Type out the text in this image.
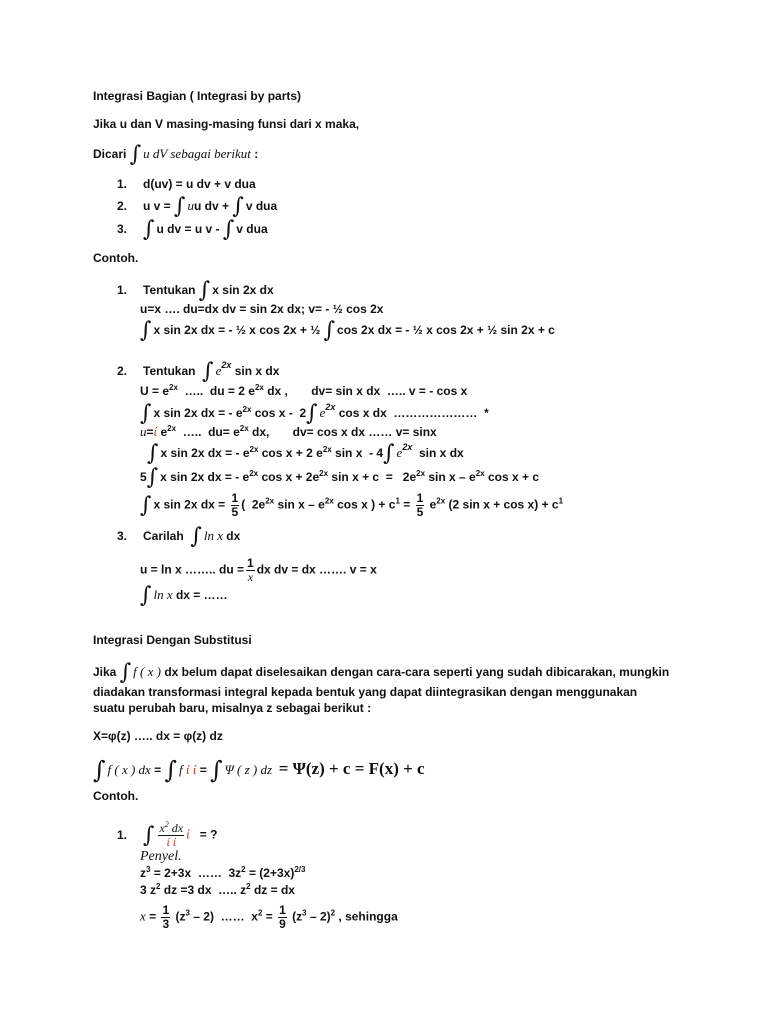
Integrasi Bagian ( Integrasi by parts)
Jika u dan V masing-masing funsi dari x maka,
Dicari ∫ u dV sebagai berikut :
1. d(uv) = u dv + v dua
2. u v = ∫ uu dv + ∫ v dua
3. ∫ u dv = u v - ∫ v dua
Contoh.
1. Tentukan ∫ x sin 2x dx
u=x …. du=dx dv = sin 2x dx; v= - ½ cos 2x
∫ x sin 2x dx = - ½ x cos 2x + ½ ∫ cos 2x dx = - ½ x cos 2x + ½ sin 2x + c
2. Tentukan ∫ $e^{2x}$ sin x dx
$U = e^{2x}$  …..  du = 2 $e^{2x}$ dx ,       dv= sin x dx  ….. v = - cos x
∫ x sin 2x dx = - $e^{2x}$ cos x -  2∫ $e^{2x}$ cos x dx  …………………  *
u=ί $e^{2x}$  …..  $du= e^{2x}$ dx,       dv= cos x dx …… v= sinx
∫ x sin 2x dx = - $e^{2x}$ cos x + 2 $e^{2x}$ sin x  - 4∫ $e^{2x}$  sin x dx
5∫ x sin 2x dx = - $e^{2x}$ $\cos x + 2e^{2x}$ $\sin x + c = 2e^{2x}$ sin x – $e^{2x}$ cos x + c
∫ x sin 2x dx = $\frac{1}{5}$ (  $2e^{2x}$ sin x – $e^{2x}$ cos x ) + $c^1 = \frac{1}{5} e^{2x}$ (2 $\sin x + \cos x) + c^1$
3. Carilah ∫ ln x dx
u = ln x …….. du = $\frac{1}{x}$ dx dv = dx ……. v = x
∫ ln x dx = ……
Integrasi Dengan Substitusi
Jika ∫ f ( x ) dx belum dapat diselesaikan dengan cara-cara seperti yang sudah dibicarakan, mungkin
diadakan transformasi integral kepada bentuk yang dapat diintegrasikan dengan menggunakan
suatu perubah baru, misalnya z sebagai berikut :
X=φ(z) ….. dx = φ(z) dz
∫ f ( x ) dx = ∫ f ί ί = ∫ Ψ ( z ) dz = Ψ(z) + c = F(x) + c
Contoh.
1. ∫ $\frac{x^2 dx}{\text{ί ί}}$ ί = ?
Penyel.
$z^3 = 2+3x$  ……  $3z^2 = (2+3x)^{2/3}$
3 $z^2$ dz =3 dx  ….. $z^2$ dz = dx
$x = \frac{1}{3} (z^3 - 2)$  ……  $x^2 = \frac{1}{9} (z^3 - 2)^2$ , sehingga
